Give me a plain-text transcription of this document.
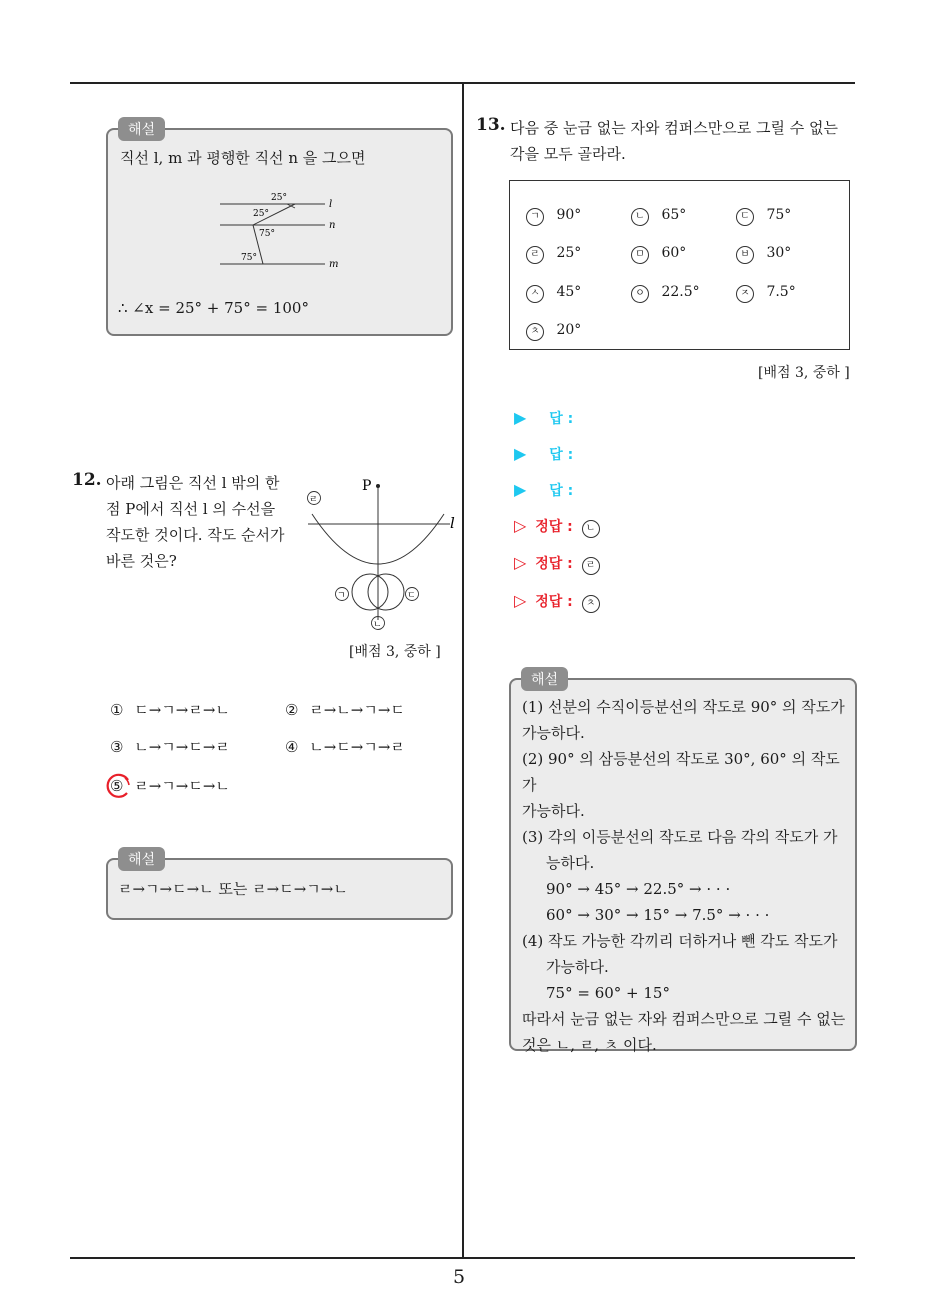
5
해설
직선 l, m 과 평행한 직선 n 을 그으면
25°
25°
75°
75°
l
n
m
∴ ∠x = 25° + 75° = 100°
12. 아래 그림은 직선 l 밖의 한
점 P에서 직선 l 의 수선을
작도한 것이다. 작도 순서가
바른 것은?
P
l
ㄹ
ㄱ	ㄷ
ㄴ
[배점 3, 중하 ]
① ㄷ→ㄱ→ㄹ→ㄴ	② ㄹ→ㄴ→ㄱ→ㄷ
③ ㄴ→ㄱ→ㄷ→ㄹ	④ ㄴ→ㄷ→ㄱ→ㄹ
⑤ ㄹ→ㄱ→ㄷ→ㄴ
해설
ㄹ→ㄱ→ㄷ→ㄴ 또는 ㄹ→ㄷ→ㄱ→ㄴ
13. 다음 중 눈금 없는 자와 컴퍼스만으로 그릴 수 없는
각을 모두 골라라.
ㄱ 90°	ㄴ 65°	ㄷ 75°
ㄹ 25°	ㅁ 60°	ㅂ 30°
ㅅ 45°	ㅇ 22.5°	ㅈ 7.5°
ㅊ 20°
[배점 3, 중하 ]
▶ 답 :
▶ 답 :
▶ 답 :
▷ 정답 : ㄴ
▷ 정답 : ㄹ
▷ 정답 : ㅊ
해설
(1) 선분의 수직이등분선의 작도로 90° 의 작도가
가능하다.
(2) 90° 의 삼등분선의 작도로 30°, 60° 의 작도가
가능하다.
(3) 각의 이등분선의 작도로 다음 각의 작도가 가
능하다.
90° → 45° → 22.5° → · · ·
60° → 30° → 15° → 7.5° → · · ·
(4) 작도 가능한 각끼리 더하거나 뺀 각도 작도가
가능하다.
75° = 60° + 15°
따라서 눈금 없는 자와 컴퍼스만으로 그릴 수 없는
것은 ㄴ, ㄹ, ㅊ 이다.
